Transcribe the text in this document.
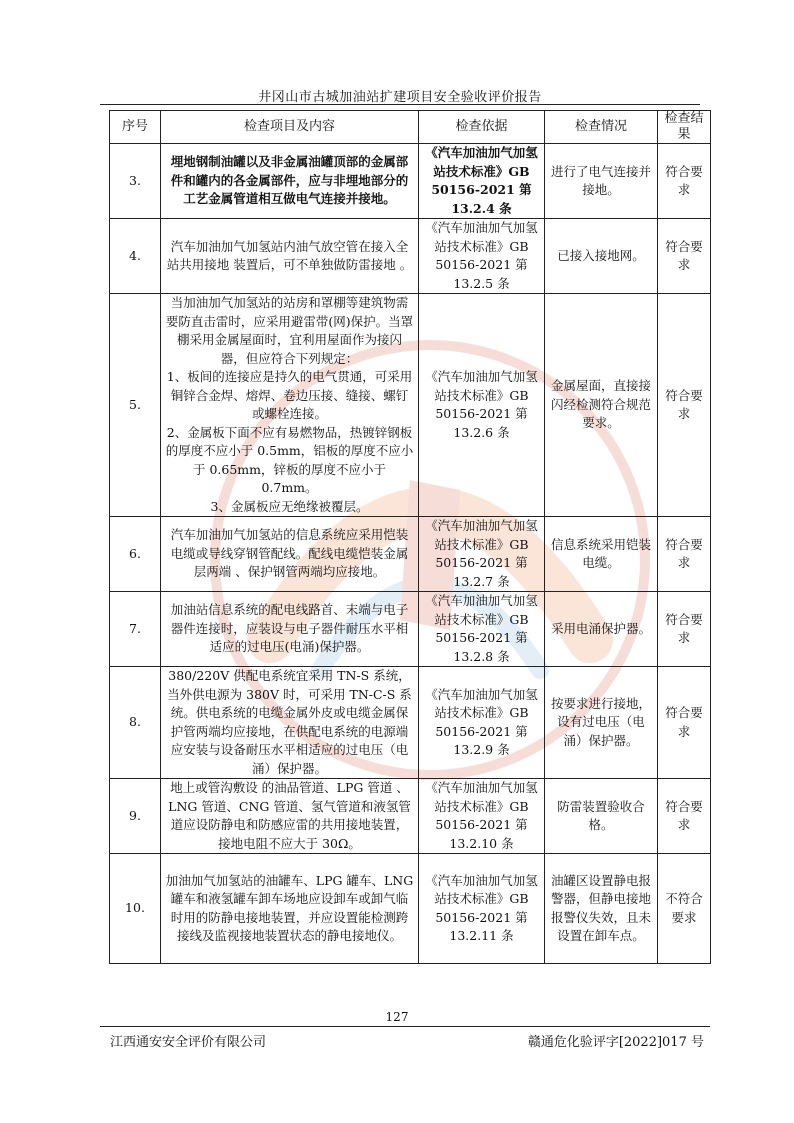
井冈山市古城加油站扩建项目安全验收评价报告
序号	检查项目及内容	检查依据	检查情况	检查结果
3.	埋地钢制油罐以及非金属油罐顶部的金属部件和罐内的各金属部件，应与非埋地部分的工艺金属管道相互做电气连接并接地。	《汽车加油加气加氢站技术标准》GB 50156-2021 第 13.2.4 条	进行了电气连接并接地。	符合要求
4.	汽车加油加气加氢站内油气放空管在接入全站共用接地 装置后，可不单独做防雷接地 。	《汽车加油加气加氢站技术标准》GB 50156-2021 第 13.2.5 条	已接入接地网。	符合要求
5.	当加油加气加氢站的站房和罩棚等建筑物需要防直击雷时，应采用避雷带(网)保护。当罩棚采用金属屋面时，宜利用屋面作为接闪器，但应符合下列规定：
1、板间的连接应是持久的电气贯通，可采用铜锌合金焊、熔焊、卷边压接、缝接、螺钉或螺栓连接。
2、金属板下面不应有易燃物品，热镀锌钢板的厚度不应小于 0.5mm，铝板的厚度不应小于 0.65mm，锌板的厚度不应小于 0.7mm。
3、金属板应无绝缘被覆层。	《汽车加油加气加氢站技术标准》GB 50156-2021 第 13.2.6 条	金属屋面，直接接闪经检测符合规范要求。	符合要求
6.	汽车加油加气加氢站的信息系统应采用恺装电缆或导线穿钢管配线。配线电缆恺装金属层两端 、保护钢管两端均应接地。	《汽车加油加气加氢站技术标准》GB 50156-2021 第 13.2.7 条	信息系统采用铠装电缆。	符合要求
7.	加油站信息系统的配电线路首、末端与电子器件连接时，应装设与电子器件耐压水平相适应的过电压(电涌)保护器。	《汽车加油加气加氢站技术标准》GB 50156-2021 第 13.2.8 条	采用电涌保护器。	符合要求
8.	380/220V 供配电系统宜采用 TN-S 系统，当外供电源为 380V 时，可采用 TN-C-S 系统。供电系统的电缆金属外皮或电缆金属保护管两端均应接地，在供配电系统的电源端应安装与设备耐压水平相适应的过电压（电涌）保护器。	《汽车加油加气加氢站技术标准》GB 50156-2021 第 13.2.9 条	按要求进行接地，设有过电压（电涌）保护器。	符合要求
9.	地上或管沟敷设 的油品管道、LPG 管道 、LNG 管道、CNG 管道、氢气管道和液氢管道应设防静电和防感应雷的共用接地装置，接地电阻不应大于 30Ω。	《汽车加油加气加氢站技术标准》GB 50156-2021 第 13.2.10 条	防雷装置验收合格。	符合要求
10.	加油加气加氢站的油罐车、LPG 罐车、LNG 罐车和液氢罐车卸车场地应设卸车或卸气临时用的防静电接地装置，并应设置能检测跨接线及监视接地装置状态的静电接地仪。	《汽车加油加气加氢站技术标准》GB 50156-2021 第 13.2.11 条	油罐区设置静电报警器，但静电接地报警仪失效，且未设置在卸车点。	不符合要求
127
江西通安安全评价有限公司	赣通危化验评字[2022]017 号
